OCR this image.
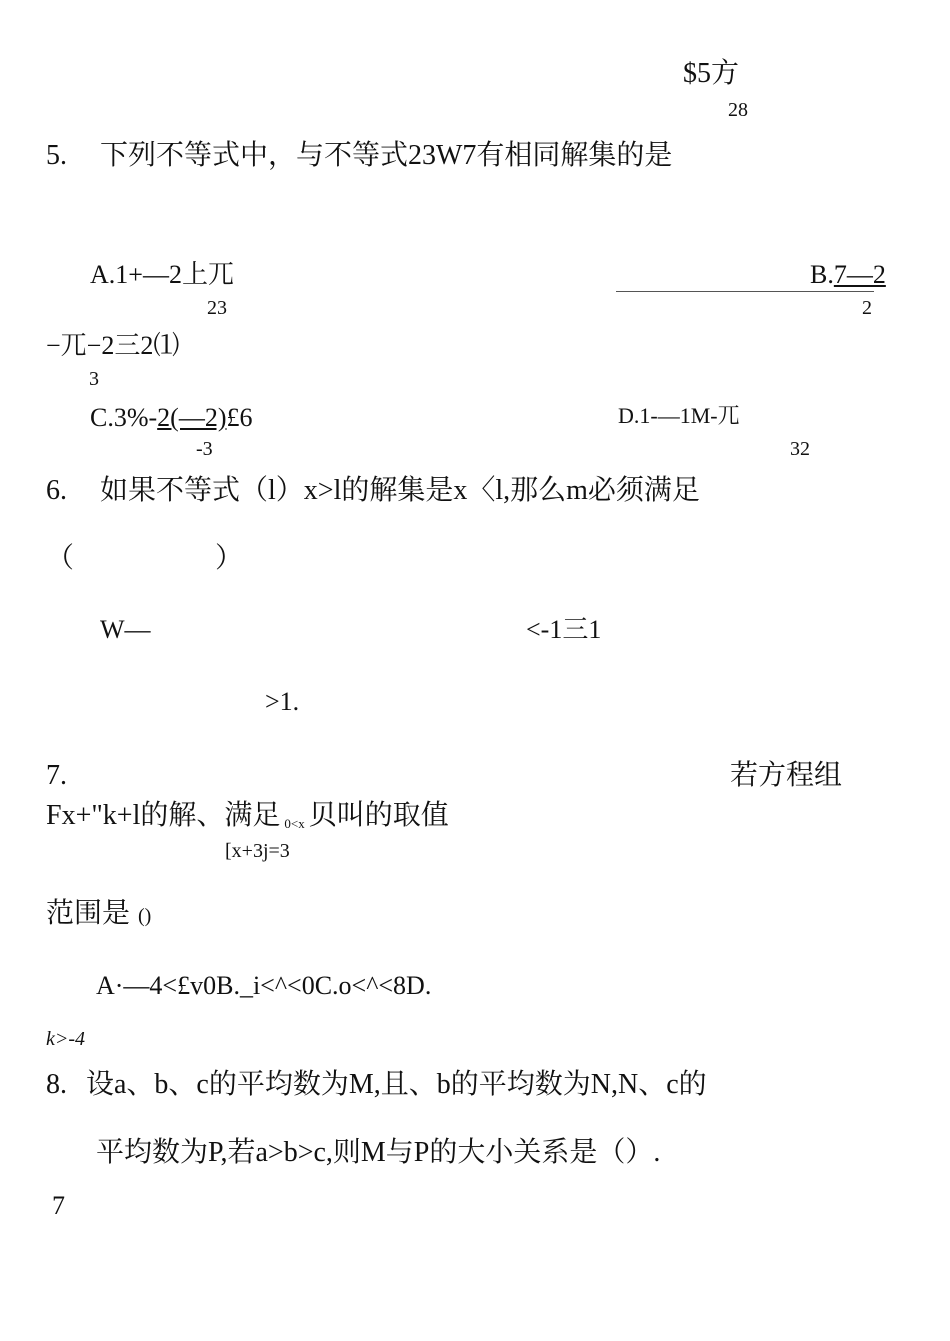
$5方
28
5. 下列不等式中，与不等式23W7有相同解集的是
A.1+—2上兀
23
B.7—2
2
−兀−2三2⑴
3
C.3%-2(—2)£6
-3
D.1-—1M-兀
32
6. 如果不等式（l）x>l的解集是x〈l,那么m必须满足
（	）
W—	<-1三1
>1.
7.	若方程组
Fx+"k+l的解、满足 0<x 贝叫的取值
[x+3j=3
范围是 ()
A·—4<£v0B._i<^<0C.o<^<8D.
k>-4
8. 设a、b、c的平均数为M,且、b的平均数为N,N、c的
平均数为P,若a>b>c,则M与P的大小关系是（）.
7
